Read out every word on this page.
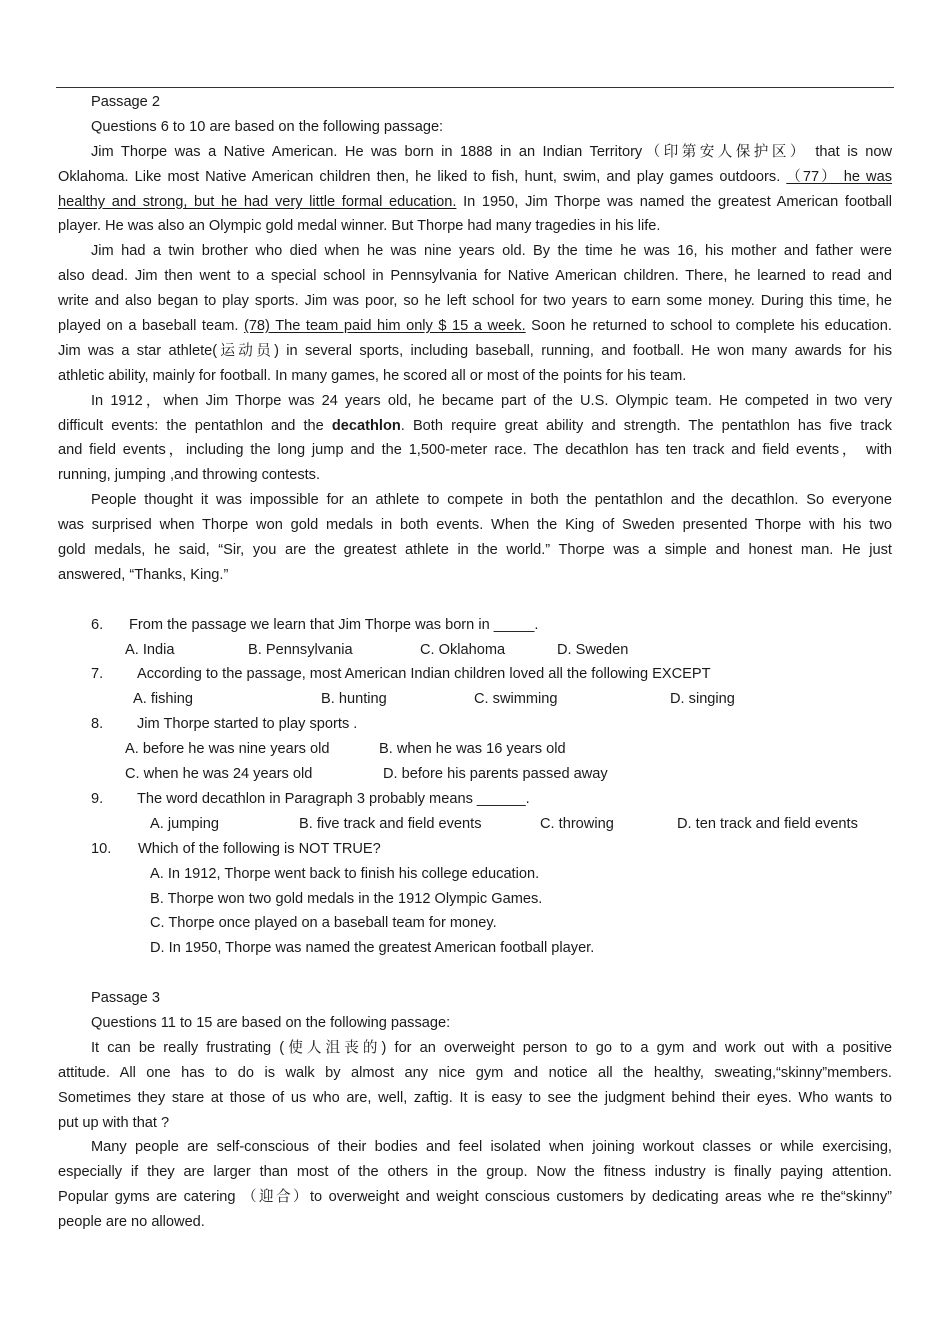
Passage 2
Questions 6 to 10 are based on the following passage:
Jim Thorpe was a Native American. He was born in 1888 in an Indian Territory（印第安人保护区） that is now
Oklahoma. Like most Native American children then, he liked to fish, hunt, swim, and play games outdoors. （77） he was
healthy and strong, but he had very little formal education. In 1950, Jim Thorpe was named the greatest American football
player. He was also an Olympic gold medal winner. But Thorpe had many tragedies in his life.
Jim had a twin brother who died when he was nine years old. By the time he was 16, his mother and father were
also dead. Jim then went to a special school in Pennsylvania for Native American children. There, he learned to read and
write and also began to play sports. Jim was poor, so he left school for two years to earn some money. During this time, he
played on a baseball team. (78) The team paid him only $ 15 a week. Soon he returned to school to complete his education.
Jim was a star athlete(运动员) in several sports, including baseball, running, and football. He won many awards for his
athletic ability, mainly for football. In many games, he scored all or most of the points for his team.
In 1912，when Jim Thorpe was 24 years old, he became part of the U.S. Olympic team. He competed in two very
difficult events: the pentathlon and the decathlon. Both require great ability and strength. The pentathlon has five track
and field events，including the long jump and the 1,500-meter race. The decathlon has ten track and field events， with
running, jumping ,and throwing contests.
People thought it was impossible for an athlete to compete in both the pentathlon and the decathlon. So everyone
was surprised when Thorpe won gold medals in both events. When the King of Sweden presented Thorpe with his two
gold medals, he said, “Sir, you are the greatest athlete in the world.” Thorpe was a simple and honest man. He just
answered, “Thanks, King.”
6. From the passage we learn that Jim Thorpe was born in _____.
A. India	B. Pennsylvania	C. Oklahoma	D. Sweden
7. According to the passage, most American Indian children loved all the following EXCEPT
A. fishing	B. hunting	C. swimming	D. singing
8. Jim Thorpe started to play sports .
A. before he was nine years old	B. when he was 16 years old
C. when he was 24 years old	D. before his parents passed away
9. The word decathlon in Paragraph 3 probably means ______.
A. jumping	B. five track and field events	C. throwing	D. ten track and field events
10. Which of the following is NOT TRUE?
A. In 1912, Thorpe went back to finish his college education.
B. Thorpe won two gold medals in the 1912 Olympic Games.
C. Thorpe once played on a baseball team for money.
D. In 1950, Thorpe was named the greatest American football player.
Passage 3
Questions 11 to 15 are based on the following passage:
It can be really frustrating (使人沮丧的) for an overweight person to go to a gym and work out with a positive
attitude. All one has to do is walk by almost any nice gym and notice all the healthy, sweating,“skinny”members.
Sometimes they stare at those of us who are, well, zaftig. It is easy to see the judgment behind their eyes. Who wants to
put up with that ?
Many people are self-conscious of their bodies and feel isolated when joining workout classes or while exercising,
especially if they are larger than most of the others in the group. Now the fitness industry is finally paying attention.
Popular gyms are catering （迎合）to overweight and weight conscious customers by dedicating areas whe re the“skinny”
people are no allowed.
